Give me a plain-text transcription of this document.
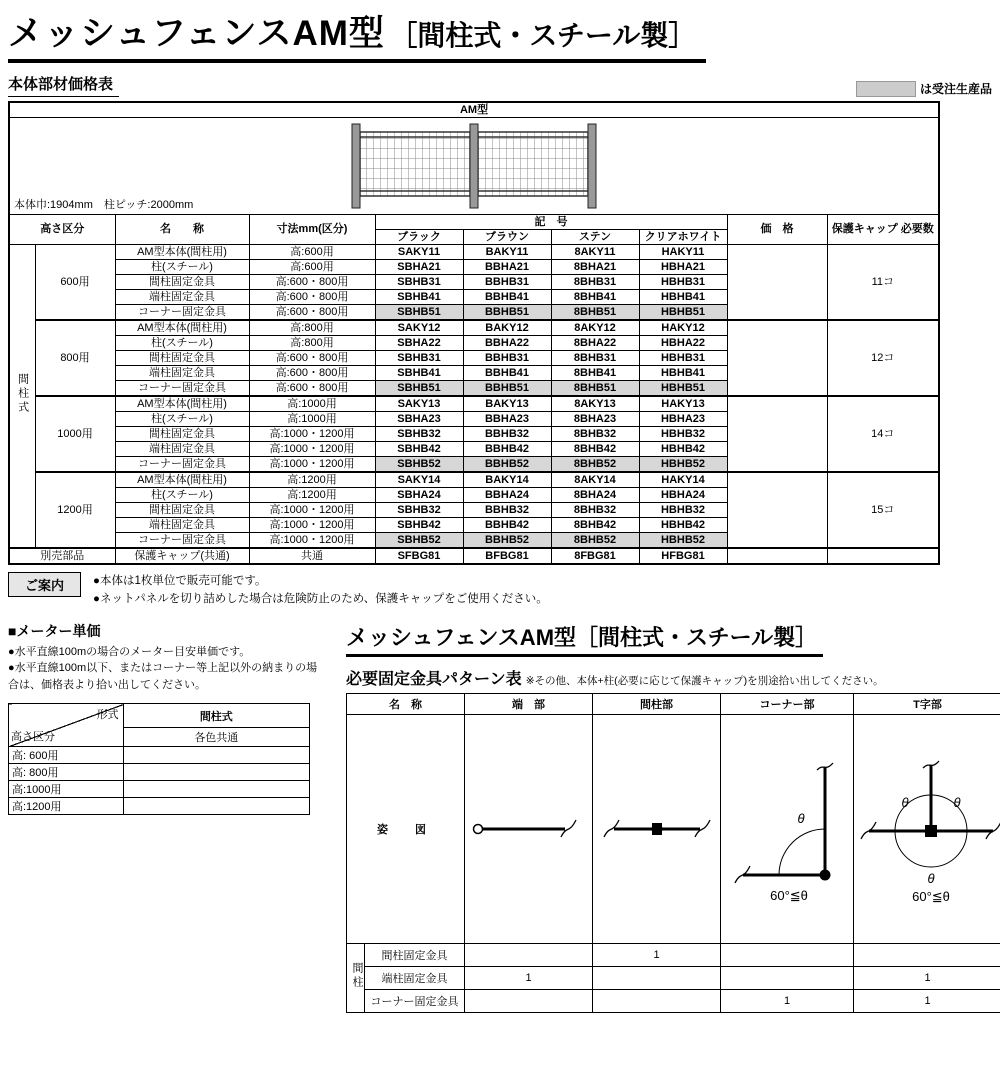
メッシュフェンスAM型 ［間柱式・スチール製］
本体部材価格表	は受注生産品
AM型									

本体巾:1904mm　柱ピッチ:2000mm									

高さ区分		名　　称	寸法mm(区分)	記　号				価　格	保護キャップ 必要数
				ブラック	ブラウン	ステン	クリアホワイト		
間柱式	600用	AM型本体(間柱用)	高:600用	SAKY11	BAKY11	8AKY11	HAKY11		11コ
		柱(スチール)	高:600用	SBHA21	BBHA21	8BHA21	HBHA21		
		間柱固定金具	高:600・800用	SBHB31	BBHB31	8BHB31	HBHB31		
		端柱固定金具	高:600・800用	SBHB41	BBHB41	8BHB41	HBHB41		
		コーナー固定金具	高:600・800用	SBHB51	BBHB51	8BHB51	HBHB51		
	800用	AM型本体(間柱用)	高:800用	SAKY12	BAKY12	8AKY12	HAKY12		12コ
		柱(スチール)	高:800用	SBHA22	BBHA22	8BHA22	HBHA22		
		間柱固定金具	高:600・800用	SBHB31	BBHB31	8BHB31	HBHB31		
		端柱固定金具	高:600・800用	SBHB41	BBHB41	8BHB41	HBHB41		
		コーナー固定金具	高:600・800用	SBHB51	BBHB51	8BHB51	HBHB51		
	1000用	AM型本体(間柱用)	高:1000用	SAKY13	BAKY13	8AKY13	HAKY13		14コ
		柱(スチール)	高:1000用	SBHA23	BBHA23	8BHA23	HBHA23		
		間柱固定金具	高:1000・1200用	SBHB32	BBHB32	8BHB32	HBHB32		
		端柱固定金具	高:1000・1200用	SBHB42	BBHB42	8BHB42	HBHB42		
		コーナー固定金具	高:1000・1200用	SBHB52	BBHB52	8BHB52	HBHB52		
	1200用	AM型本体(間柱用)	高:1200用	SAKY14	BAKY14	8AKY14	HAKY14		15コ
		柱(スチール)	高:1200用	SBHA24	BBHA24	8BHA24	HBHA24		
		間柱固定金具	高:1000・1200用	SBHB32	BBHB32	8BHB32	HBHB32		
		端柱固定金具	高:1000・1200用	SBHB42	BBHB42	8BHB42	HBHB42		
		コーナー固定金具	高:1000・1200用	SBHB52	BBHB52	8BHB52	HBHB52		
別売部品		保護キャップ(共通)	共通	SFBG81	BFBG81	8FBG81	HFBG81		
ご案内	●本体は1枚単位で販売可能です。
●ネットパネルを切り詰めした場合は危険防止のため、保護キャップをご使用ください。
■メーター単価
●水平直線100mの場合のメーター目安単価です。
●水平直線100m以下、またはコーナー等上記以外の納まりの場合は、価格表より拾い出してください。
形式
高さ区分	間柱式
	各色共通
高: 600用	
高: 800用	
高:1000用	
高:1200用	
メッシュフェンスAM型［間柱式・スチール製］
必要固定金具パターン表 ※その他、本体+柱(必要に応じて保護キャップ)を別途拾い出してください。
名　称		端　部	間柱部	コーナー部	T字部
姿　図				θ
60°≦θ	θ θ
θ
60°≦θ

間柱	間柱固定金具		1		
	端柱固定金具	1			1
	コーナー固定金具			1	1
